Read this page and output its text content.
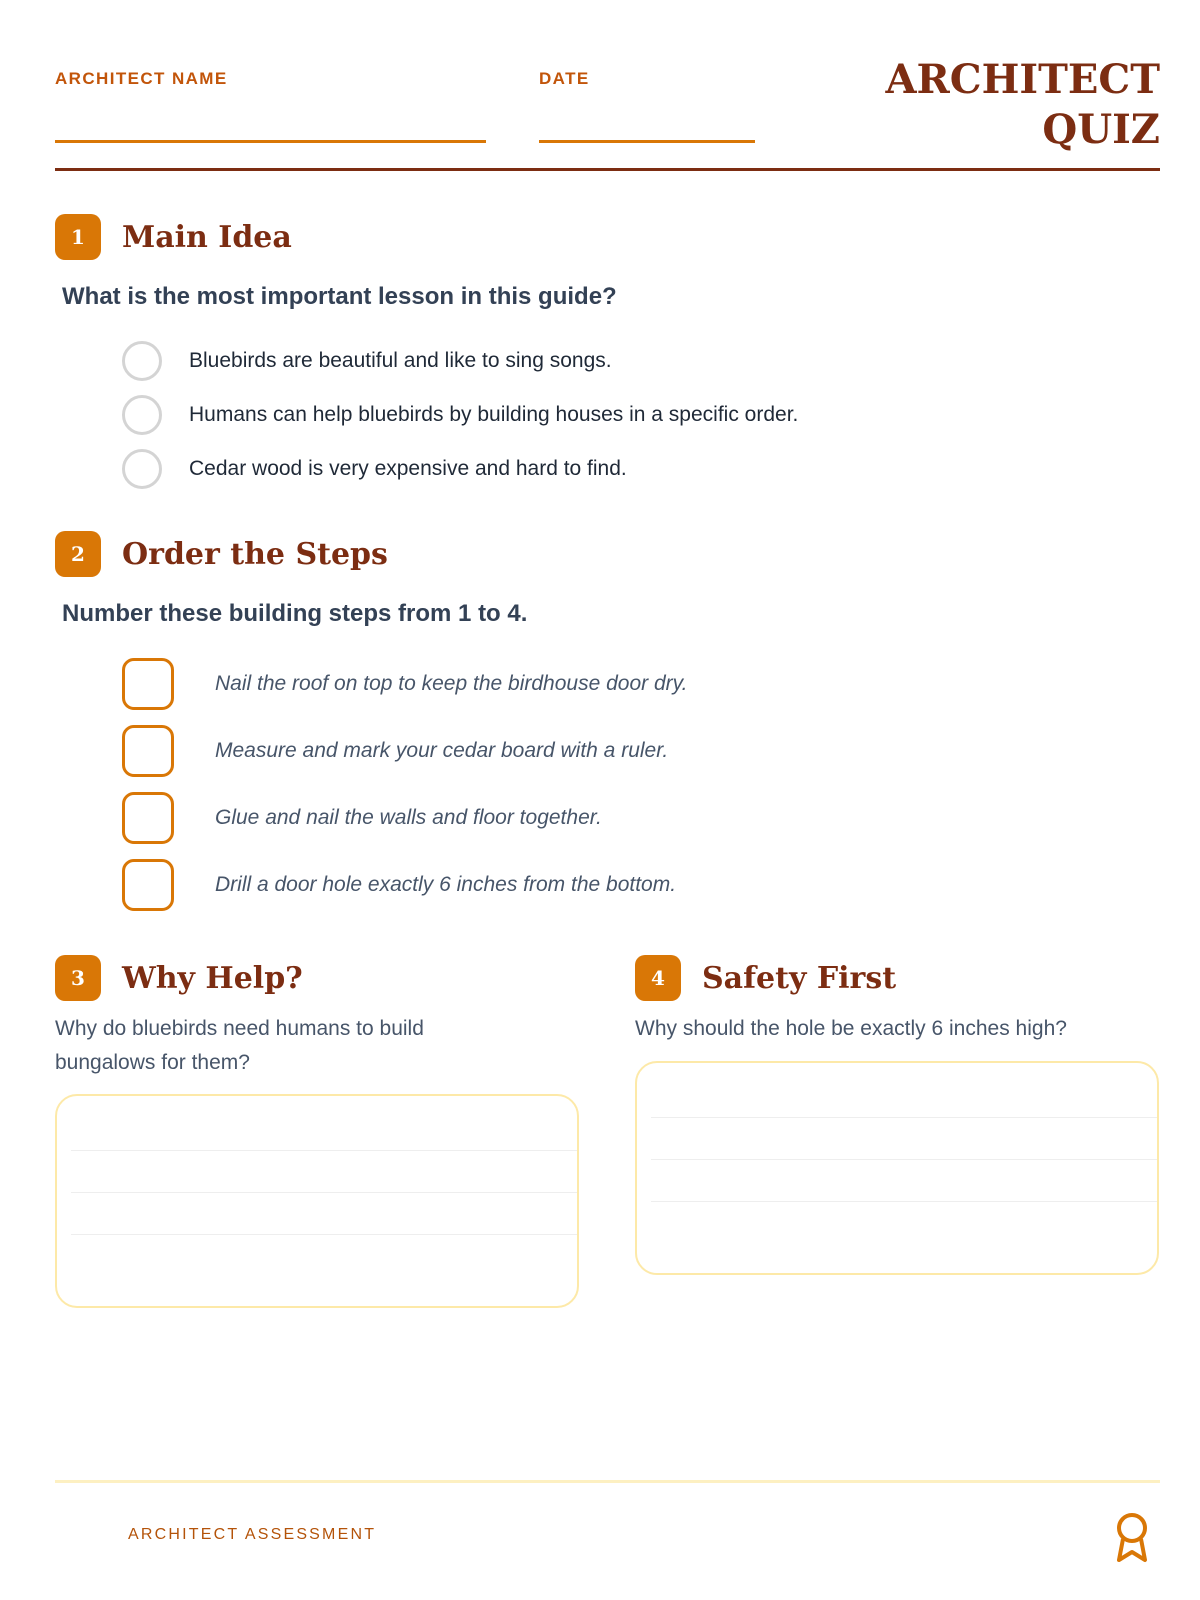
ARCHITECT NAME	DATE	ARCHITECT
QUIZ
1	Main Idea
What is the most important lesson in this guide?
Bluebirds are beautiful and like to sing songs.
Humans can help bluebirds by building houses in a specific order.
Cedar wood is very expensive and hard to find.
2	Order the Steps
Number these building steps from 1 to 4.
Nail the roof on top to keep the birdhouse door dry.
Measure and mark your cedar board with a ruler.
Glue and nail the walls and floor together.
Drill a door hole exactly 6 inches from the bottom.
3	Why Help?
Why do bluebirds need humans to build bungalows for them?
4	Safety First
Why should the hole be exactly 6 inches high?
ARCHITECT ASSESSMENT
